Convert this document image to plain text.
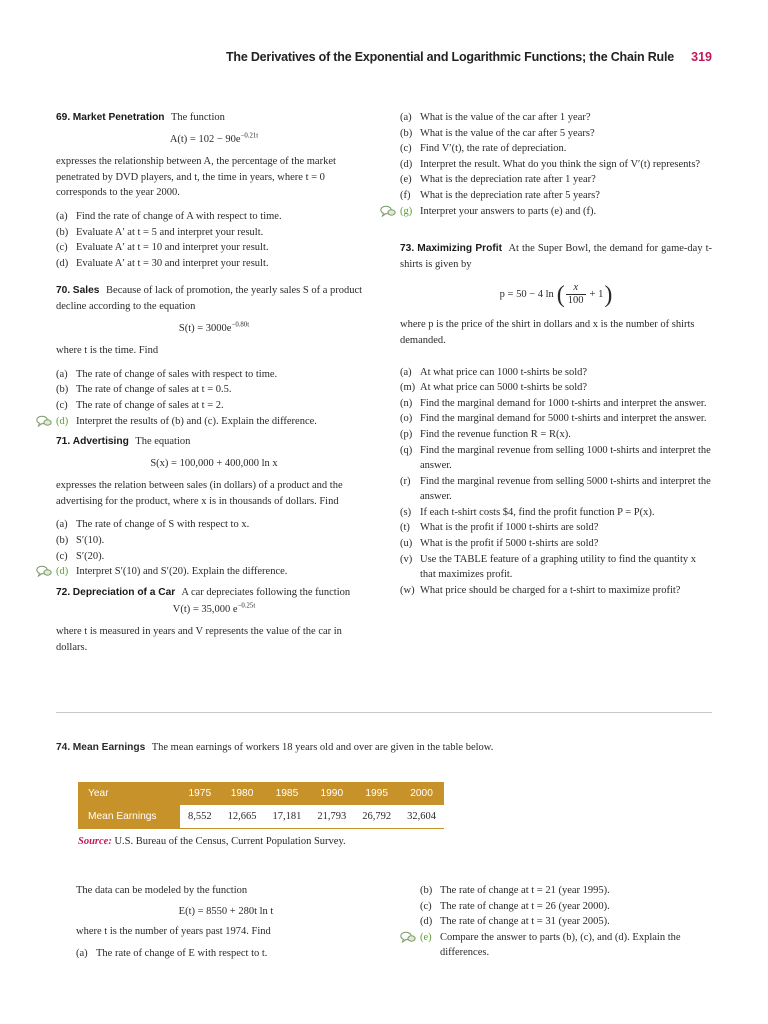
The Derivatives of the Exponential and Logarithmic Functions; the Chain Rule 319

69. Market Penetration The function

$A(t) = 102 - 90e^{-0.21t}$

expresses the relationship between A, the percentage of the market penetrated by DVD players, and t, the time in years, where t = 0 corresponds to the year 2000.

(a) Find the rate of change of A with respect to time.
(b) Evaluate A′ at t = 5 and interpret your result.
(c) Evaluate A′ at t = 10 and interpret your result.
(d) Evaluate A′ at t = 30 and interpret your result.

70. Sales Because of lack of promotion, the yearly sales S of a product decline according to the equation

$S(t) = 3000e^{-0.80t}$

where t is the time. Find

(a) The rate of change of sales with respect to time.
(b) The rate of change of sales at t = 0.5.
(c) The rate of change of sales at t = 2.
(d) Interpret the results of (b) and (c). Explain the difference.

71. Advertising The equation

S(x) = 100,000 + 400,000 ln x

expresses the relation between sales (in dollars) of a product and the advertising for the product, where x is in thousands of dollars. Find

(a) The rate of change of S with respect to x.
(b) S′(10).
(c) S′(20).
(d) Interpret S′(10) and S′(20). Explain the difference.

72. Depreciation of a Car A car depreciates following the function

V(t) = 35,000 $e^{-0.25t}$

where t is measured in years and V represents the value of the car in dollars.

(a) What is the value of the car after 1 year?
(b) What is the value of the car after 5 years?
(c) Find V′(t), the rate of depreciation.
(d) Interpret the result. What do you think the sign of V′(t) represents?
(e) What is the depreciation rate after 1 year?
(f) What is the depreciation rate after 5 years?
(g) Interpret your answers to parts (e) and (f).

73. Maximizing Profit At the Super Bowl, the demand for game-day t-shirts is given by

p = 50 − 4 ln ( x
100
+ 1 )

where p is the price of the shirt in dollars and x is the number of shirts demanded.

(a) At what price can 1000 t-shirts be sold?
(m) At what price can 5000 t-shirts be sold?
(n) Find the marginal demand for 1000 t-shirts and interpret the answer.
(o) Find the marginal demand for 5000 t-shirts and interpret the answer.
(p) Find the revenue function R = R(x).
(q) Find the marginal revenue from selling 1000 t-shirts and interpret the answer.
(r) Find the marginal revenue from selling 5000 t-shirts and interpret the answer.
(s) If each t-shirt costs $4, find the profit function P = P(x).
(t) What is the profit if 1000 t-shirts are sold?
(u) What is the profit if 5000 t-shirts are sold?
(v) Use the TABLE feature of a graphing utility to find the quantity x that maximizes profit.
(w) What price should be charged for a t-shirt to maximize profit?
74. Mean Earnings The mean earnings of workers 18 years old and over are given in the table below.
Year	1975	1980	1985	1990	1995	2000
Mean Earnings	8,552	12,665	17,181	21,793	26,792	32,604
Source: U.S. Bureau of the Census, Current Population Survey.

The data can be modeled by the function

E(t) = 8550 + 280t ln t

where t is the number of years past 1974. Find

(a) The rate of change of E with respect to t.
(b) The rate of change at t = 21 (year 1995).
(c) The rate of change at t = 26 (year 2000).
(d) The rate of change at t = 31 (year 2005).
(e) Compare the answer to parts (b), (c), and (d). Explain the differences.
